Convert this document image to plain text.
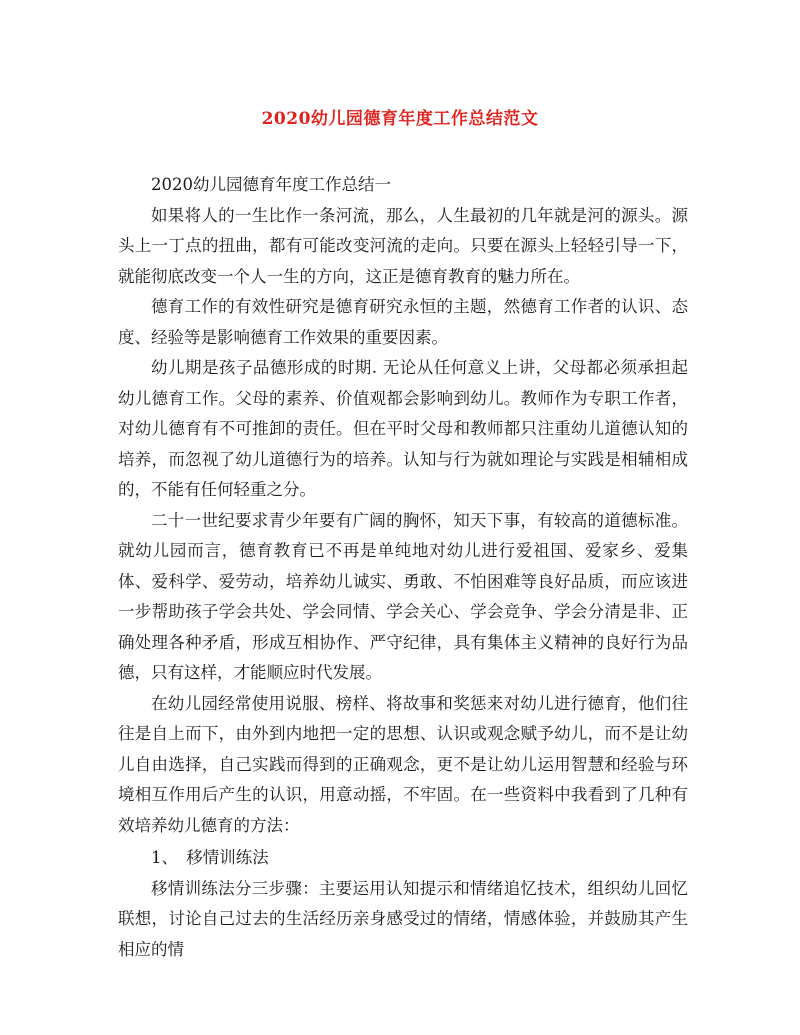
2020幼儿园德育年度工作总结范文

2020幼儿园德育年度工作总结一

如果将人的一生比作一条河流，那么，人生最初的几年就是河的源头。源头上一丁点的扭曲，都有可能改变河流的走向。只要在源头上轻轻引导一下，就能彻底改变一个人一生的方向，这正是德育教育的魅力所在。

德育工作的有效性研究是德育研究永恒的主题，然德育工作者的认识、态度、经验等是影响德育工作效果的重要因素。

幼儿期是孩子品德形成的时期. 无论从任何意义上讲，父母都必须承担起幼儿德育工作。父母的素养、价值观都会影响到幼儿。教师作为专职工作者，对幼儿德育有不可推卸的责任。但在平时父母和教师都只注重幼儿道德认知的培养，而忽视了幼儿道德行为的培养。认知与行为就如理论与实践是相辅相成的，不能有任何轻重之分。

二十一世纪要求青少年要有广阔的胸怀，知天下事，有较高的道德标准。就幼儿园而言，德育教育已不再是单纯地对幼儿进行爱祖国、爱家乡、爱集体、爱科学、爱劳动，培养幼儿诚实、勇敢、不怕困难等良好品质，而应该进一步帮助孩子学会共处、学会同情、学会关心、学会竞争、学会分清是非、正确处理各种矛盾，形成互相协作、严守纪律，具有集体主义精神的良好行为品德，只有这样，才能顺应时代发展。

在幼儿园经常使用说服、榜样、将故事和奖惩来对幼儿进行德育，他们往往是自上而下，由外到内地把一定的思想、认识或观念赋予幼儿，而不是让幼儿自由选择，自己实践而得到的正确观念，更不是让幼儿运用智慧和经验与环境相互作用后产生的认识，用意动摇，不牢固。在一些资料中我看到了几种有效培养幼儿德育的方法：

1、　移情训练法

移情训练法分三步骤：主要运用认知提示和情绪追忆技术，组织幼儿回忆联想，讨论自己过去的生活经历亲身感受过的情绪，情感体验，并鼓励其产生相应的情
